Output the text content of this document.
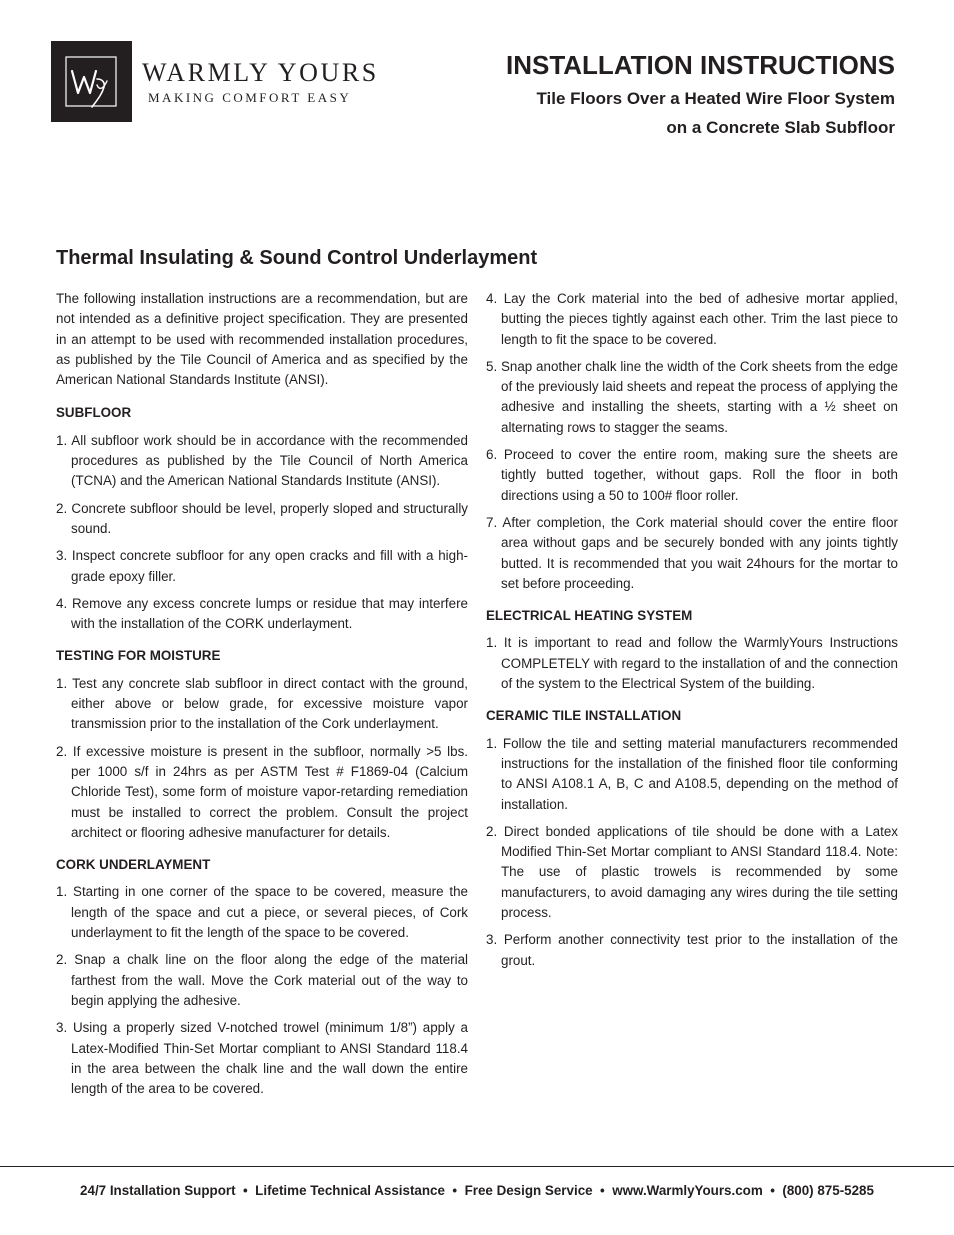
WARMLY YOURS
MAKING COMFORT EASY
INSTALLATION INSTRUCTIONS
Tile Floors Over a Heated Wire Floor System
on a Concrete Slab Subfloor
Thermal Insulating & Sound Control Underlayment

The following installation instructions are a recommendation, but are not intended as a definitive project specification. They are presented in an attempt to be used with recommended installation procedures, as published by the Tile Council of America and as specified by the American National Standards Institute (ANSI).

SUBFLOOR
1. All subfloor work should be in accordance with the recommended procedures as published by the Tile Council of North America (TCNA) and the American National Standards Institute (ANSI).
2. Concrete subfloor should be level, properly sloped and structurally sound.
3. Inspect concrete subfloor for any open cracks and fill with a high-grade epoxy filler.
4. Remove any excess concrete lumps or residue that may interfere with the installation of the CORK underlayment.
TESTING FOR MOISTURE
1. Test any concrete slab subfloor in direct contact with the ground, either above or below grade, for excessive moisture vapor transmission prior to the installation of the Cork underlayment.
2. If excessive moisture is present in the subfloor, normally >5 lbs. per 1000 s/f in 24hrs as per ASTM Test # F1869-04 (Calcium Chloride Test), some form of moisture vapor-retarding remediation must be installed to correct the problem. Consult the project architect or flooring adhesive manufacturer for details.
CORK UNDERLAYMENT
1. Starting in one corner of the space to be covered, measure the length of the space and cut a piece, or several pieces, of Cork underlayment to fit the length of the space to be covered.
2. Snap a chalk line on the floor along the edge of the material farthest from the wall. Move the Cork material out of the way to begin applying the adhesive.
3. Using a properly sized V-notched trowel (minimum 1/8”) apply a Latex-Modified Thin-Set Mortar compliant to ANSI Standard 118.4 in the area between the chalk line and the wall down the entire length of the area to be covered.
4. Lay the Cork material into the bed of adhesive mortar applied, butting the pieces tightly against each other. Trim the last piece to length to fit the space to be covered.
5. Snap another chalk line the width of the Cork sheets from the edge of the previously laid sheets and repeat the process of applying the adhesive and installing the sheets, starting with a ½ sheet on alternating rows to stagger the seams.
6. Proceed to cover the entire room, making sure the sheets are tightly butted together, without gaps. Roll the floor in both directions using a 50 to 100# floor roller.
7. After completion, the Cork material should cover the entire floor area without gaps and be securely bonded with any joints tightly butted. It is recommended that you wait 24hours for the mortar to set before proceeding.
ELECTRICAL HEATING SYSTEM
1. It is important to read and follow the WarmlyYours Instructions COMPLETELY with regard to the installation of and the connection of the system to the Electrical System of the building.
CERAMIC TILE INSTALLATION
1. Follow the tile and setting material manufacturers recommended instructions for the installation of the finished floor tile conforming to ANSI A108.1 A, B, C and A108.5, depending on the method of installation.
2. Direct bonded applications of tile should be done with a Latex Modified Thin-Set Mortar compliant to ANSI Standard 118.4. Note: The use of plastic trowels is recommended by some manufacturers, to avoid damaging any wires during the tile setting process.
3. Perform another connectivity test prior to the installation of the grout.
24/7 Installation Support • Lifetime Technical Assistance • Free Design Service • www.WarmlyYours.com • (800) 875-5285
